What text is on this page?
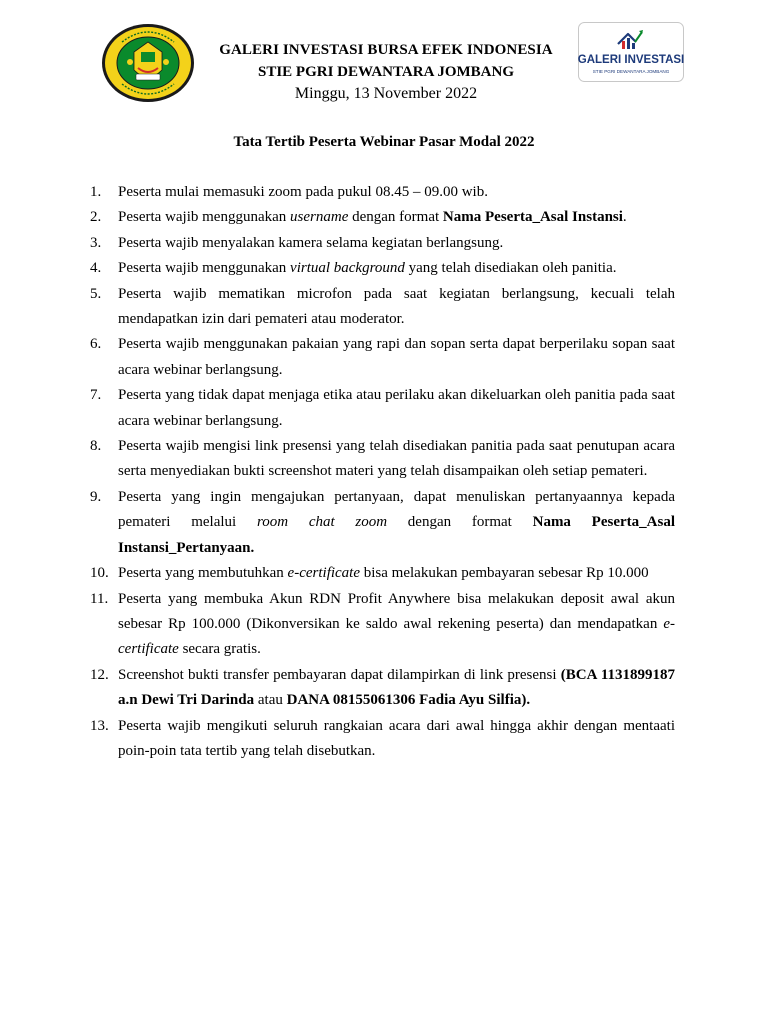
GALERI INVESTASI BURSA EFEK INDONESIA
STIE PGRI DEWANTARA JOMBANG
Minggu, 13 November 2022
GALERI INVESTASI
STIE PGRI DEWANTARA JOMBANG
Tata Tertib Peserta Webinar Pasar Modal 2022
1. Peserta mulai memasuki zoom pada pukul 08.45 – 09.00 wib.
2. Peserta wajib menggunakan username dengan format Nama Peserta_Asal Instansi.
3. Peserta wajib menyalakan kamera selama kegiatan berlangsung.
4. Peserta wajib menggunakan virtual background yang telah disediakan oleh panitia.
5. Peserta wajib mematikan microfon pada saat kegiatan berlangsung, kecuali telah mendapatkan izin dari pemateri atau moderator.
6. Peserta wajib menggunakan pakaian yang rapi dan sopan serta dapat berperilaku sopan saat acara webinar berlangsung.
7. Peserta yang tidak dapat menjaga etika atau perilaku akan dikeluarkan oleh panitia pada saat acara webinar berlangsung.
8. Peserta wajib mengisi link presensi yang telah disediakan panitia pada saat penutupan acara serta menyediakan bukti screenshot materi yang telah disampaikan oleh setiap pemateri.
9. Peserta yang ingin mengajukan pertanyaan, dapat menuliskan pertanyaannya kepada pemateri melalui room chat zoom dengan format Nama Peserta_Asal Instansi_Pertanyaan.
10. Peserta yang membutuhkan e-certificate bisa melakukan pembayaran sebesar Rp 10.000
11. Peserta yang membuka Akun RDN Profit Anywhere bisa melakukan deposit awal akun sebesar Rp 100.000 (Dikonversikan ke saldo awal rekening peserta) dan mendapatkan e-certificate secara gratis.
12. Screenshot bukti transfer pembayaran dapat dilampirkan di link presensi (BCA 1131899187 a.n Dewi Tri Darinda atau DANA 08155061306 Fadia Ayu Silfia).
13. Peserta wajib mengikuti seluruh rangkaian acara dari awal hingga akhir dengan mentaati poin-poin tata tertib yang telah disebutkan.
